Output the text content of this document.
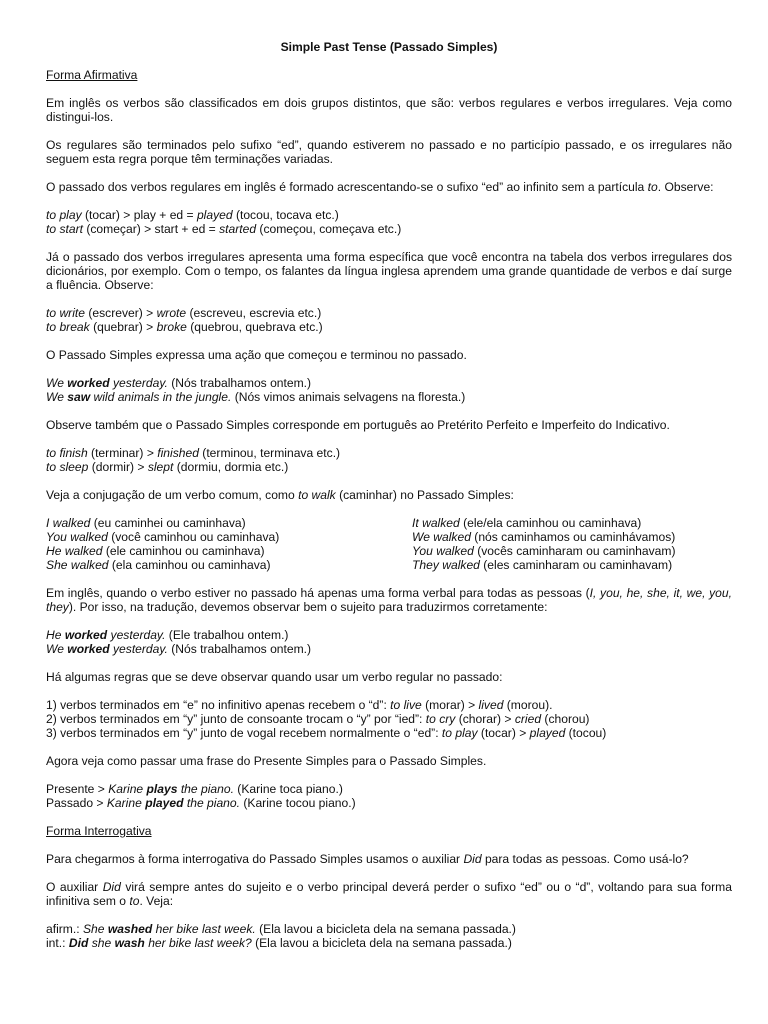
Simple Past Tense (Passado Simples)

Forma Afirmativa

Em inglês os verbos são classificados em dois grupos distintos, que são: verbos regulares e verbos irregulares. Veja como distingui-los.

Os regulares são terminados pelo sufixo “ed”, quando estiverem no passado e no particípio passado, e os irregulares não seguem esta regra porque têm terminações variadas.

O passado dos verbos regulares em inglês é formado acrescentando-se o sufixo “ed” ao infinito sem a partícula to. Observe:

to play (tocar) > play + ed = played (tocou, tocava etc.)

to start (começar) > start + ed = started (começou, começava etc.)

Já o passado dos verbos irregulares apresenta uma forma específica que você encontra na tabela dos verbos irregulares dos dicionários, por exemplo. Com o tempo, os falantes da língua inglesa aprendem uma grande quantidade de verbos e daí surge a fluência. Observe:

to write (escrever) > wrote (escreveu, escrevia etc.)

to break (quebrar) > broke (quebrou, quebrava etc.)

O Passado Simples expressa uma ação que começou e terminou no passado.

We worked yesterday. (Nós trabalhamos ontem.)

We saw wild animals in the jungle. (Nós vimos animais selvagens na floresta.)

Observe também que o Passado Simples corresponde em português ao Pretérito Perfeito e Imperfeito do Indicativo.

to finish (terminar) > finished (terminou, terminava etc.)

to sleep (dormir) > slept (dormiu, dormia etc.)

Veja a conjugação de um verbo comum, como to walk (caminhar) no Passado Simples:

I walked (eu caminhei ou caminhava)

You walked (você caminhou ou caminhava)

He walked (ele caminhou ou caminhava)

She walked (ela caminhou ou caminhava)

It walked (ele/ela caminhou ou caminhava)

We walked (nós caminhamos ou caminhávamos)

You walked (vocês caminharam ou caminhavam)

They walked (eles caminharam ou caminhavam)

Em inglês, quando o verbo estiver no passado há apenas uma forma verbal para todas as pessoas (I, you, he, she, it, we, you, they). Por isso, na tradução, devemos observar bem o sujeito para traduzirmos corretamente:

He worked yesterday. (Ele trabalhou ontem.)

We worked yesterday. (Nós trabalhamos ontem.)

Há algumas regras que se deve observar quando usar um verbo regular no passado:

1) verbos terminados em “e” no infinitivo apenas recebem o “d”: to live (morar) > lived (morou).

2) verbos terminados em “y” junto de consoante trocam o “y” por “ied”: to cry (chorar) > cried (chorou)

3) verbos terminados em “y” junto de vogal recebem normalmente o “ed”: to play (tocar) > played (tocou)

Agora veja como passar uma frase do Presente Simples para o Passado Simples.

Presente > Karine plays the piano. (Karine toca piano.)

Passado > Karine played the piano. (Karine tocou piano.)

Forma Interrogativa

Para chegarmos à forma interrogativa do Passado Simples usamos o auxiliar Did para todas as pessoas. Como usá-lo?

O auxiliar Did virá sempre antes do sujeito e o verbo principal deverá perder o sufixo “ed” ou o “d”, voltando para sua forma infinitiva sem o to. Veja:

afirm.: She washed her bike last week. (Ela lavou a bicicleta dela na semana passada.)

int.: Did she wash her bike last week? (Ela lavou a bicicleta dela na semana passada.)
